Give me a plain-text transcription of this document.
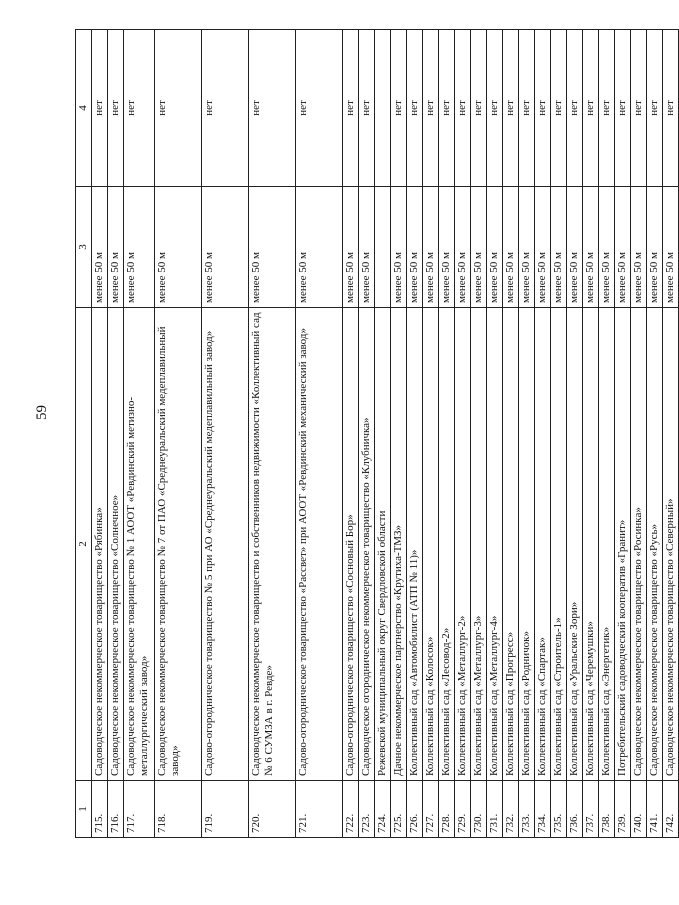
59
1	2	3	4
715.	Садоводческое некоммерческое товарищество «Рябинка»	менее 50 м	нет
716.	Садоводческое некоммерческое товарищество «Солнечное»	менее 50 м	нет
717.	Садоводческое некоммерческое товарищество № 1 АООТ «Ревдинский метизно-металлургический завод»	менее 50 м	нет
718.	Садоводческое некоммерческое товарищество № 7 от ПАО «Среднеуральский медеплавильный завод»	менее 50 м	нет
719.	Садово-огородническое товарищество № 5 при АО «Среднеуральский медеплавильный завод»	менее 50 м	нет
720.	Садоводческое некоммерческое товарищество и собственников недвижимости «Коллективный сад № 6 СУМЗА в г. Ревде»	менее 50 м	нет
721.	Садово-огородническое товарищество «Рассвет» при АООТ «Ревдинский механический завод»	менее 50 м	нет
722.	Садово-огородническое товарищество «Сосновый Бор»	менее 50 м	нет
723.	Садоводческое огородническое некоммерческое товарищество «Клубничка»	менее 50 м	нет
724.	Режевской муниципальный округ Свердловской области		
725.	Дачное некоммерческое партнерство «Крутиха-ТМЗ»	менее 50 м	нет
726.	Коллективный сад «Автомобилист (АТП № 11)»	менее 50 м	нет
727.	Коллективный сад «Колосок»	менее 50 м	нет
728.	Коллективный сад «Лесовод-2»	менее 50 м	нет
729.	Коллективный сад «Металлург-2»	менее 50 м	нет
730.	Коллективный сад «Металлург-3»	менее 50 м	нет
731.	Коллективный сад «Металлург-4»	менее 50 м	нет
732.	Коллективный сад «Прогресс»	менее 50 м	нет
733.	Коллективный сад «Родничок»	менее 50 м	нет
734.	Коллективный сад «Спартак»	менее 50 м	нет
735.	Коллективный сад «Строитель-1»	менее 50 м	нет
736.	Коллективный сад «Уральские Зори»	менее 50 м	нет
737.	Коллективный сад «Черемушки»	менее 50 м	нет
738.	Коллективный сад «Энергетик»	менее 50 м	нет
739.	Потребительский садоводческий кооператив «Гранит»	менее 50 м	нет
740.	Садоводческое некоммерческое товарищество «Росинка»	менее 50 м	нет
741.	Садоводческое некоммерческое товарищество «Русь»	менее 50 м	нет
742.	Садоводческое некоммерческое товарищество «Северный»	менее 50 м	нет
